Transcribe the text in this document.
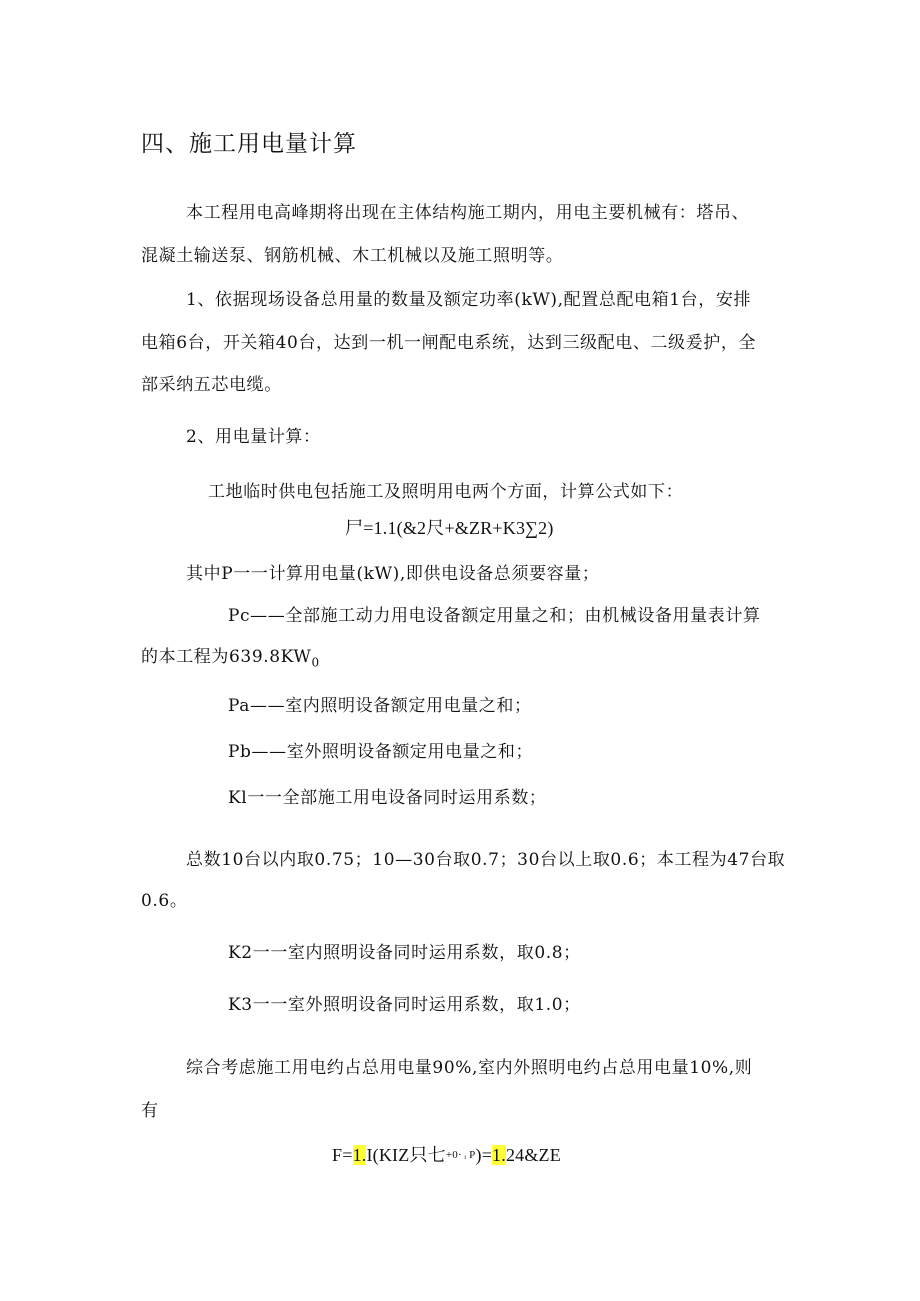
四、施工用电量计算
本工程用电高峰期将出现在主体结构施工期内，用电主要机械有：塔吊、
混凝土输送泵、钢筋机械、木工机械以及施工照明等。
1、依据现场设备总用量的数量及额定功率(kW),配置总配电箱1台，安排
电箱6台，开关箱40台，达到一机一闸配电系统，达到三级配电、二级爰护，全
部采纳五芯电缆。
2、用电量计算：
工地临时供电包括施工及照明用电两个方面，计算公式如下：
尸=1.1(&2尺+&ZR+K3∑2)
其中P一一计算用电量(kW),即供电设备总须要容量；
Pc——全部施工动力用电设备额定用量之和；由机械设备用量表计算
的本工程为$639.8KW_0$
Pa——室内照明设备额定用电量之和；
Pb——室外照明设备额定用电量之和；
Kl一一全部施工用电设备同时运用系数；
总数10台以内取0.75；10—30台取0.7；30台以上取0.6；本工程为47台取
0.6。
K2一一室内照明设备同时运用系数，取0.8；
K3一一室外照明设备同时运用系数，取1.0；
综合考虑施工用电约占总用电量90%,室内外照明电约占总用电量10%,则
有
F=1.I(KIZ只七+0· ᵢ P)=1.24&ZE
